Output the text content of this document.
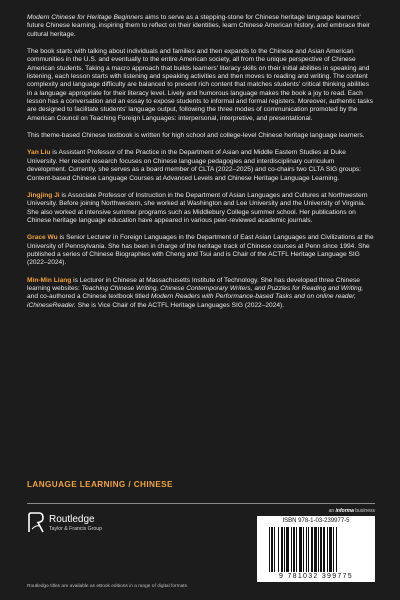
Modern Chinese for Heritage Beginners aims to serve as a stepping-stone for Chinese heritage language learners' future Chinese learning, inspiring them to reflect on their identities, learn Chinese American history, and embrace their cultural heritage.

The book starts with talking about individuals and families and then expands to the Chinese and Asian American communities in the U.S. and eventually to the entire American society, all from the unique perspective of Chinese American students. Taking a macro approach that builds learners' literacy skills on their initial abilities in speaking and listening, each lesson starts with listening and speaking activities and then moves to reading and writing. The content complexity and language difficulty are balanced to present rich content that matches students' critical thinking abilities in a language appropriate for their literacy level. Lively and humorous language makes the book a joy to read. Each lesson has a conversation and an essay to expose students to informal and formal registers. Moreover, authentic tasks are designed to facilitate students' language output, following the three modes of communication promoted by the American Council on Teaching Foreign Languages: interpersonal, interpretive, and presentational.

This theme-based Chinese textbook is written for high school and college-level Chinese heritage language learners.

Yan Liu is Assistant Professor of the Practice in the Department of Asian and Middle Eastern Studies at Duke University. Her recent research focuses on Chinese language pedagogies and interdisciplinary curriculum development. Currently, she serves as a board member of CLTA (2022–2025) and co-chairs two CLTA SIG groups: Content-based Chinese Language Courses at Advanced Levels and Chinese Heritage Language Learning.

Jingjing Ji is Associate Professor of Instruction in the Department of Asian Languages and Cultures at Northwestern University. Before joining Northwestern, she worked at Washington and Lee University and the University of Virginia. She also worked at intensive summer programs such as Middlebury College summer school. Her publications on Chinese heritage language education have appeared in various peer-reviewed academic journals.

Grace Wu is Senior Lecturer in Foreign Languages in the Department of East Asian Languages and Civilizations at the University of Pennsylvania. She has been in charge of the heritage track of Chinese courses at Penn since 1994. She published a series of Chinese Biographies with Cheng and Tsui and is Chair of the ACTFL Heritage Language SIG (2022–2024).

Min-Min Liang is Lecturer in Chinese at Massachusetts Institute of Technology. She has developed three Chinese learning websites: Teaching Chinese Writing, Chinese Contemporary Writers, and Puzzles for Reading and Writing, and co-authored a Chinese textbook titled Modern Readers with Performance-based Tasks and on online reader, iChineseReader. She is Vice Chair of the ACTFL Heritage Languages SIG (2022–2024).

LANGUAGE LEARNING / CHINESE
Routledge
Taylor & Francis Group
an informa business
ISBN 978-1-03-239977-5
9 781032 399775
Routledge titles are available as eBook editions in a range of digital formats
